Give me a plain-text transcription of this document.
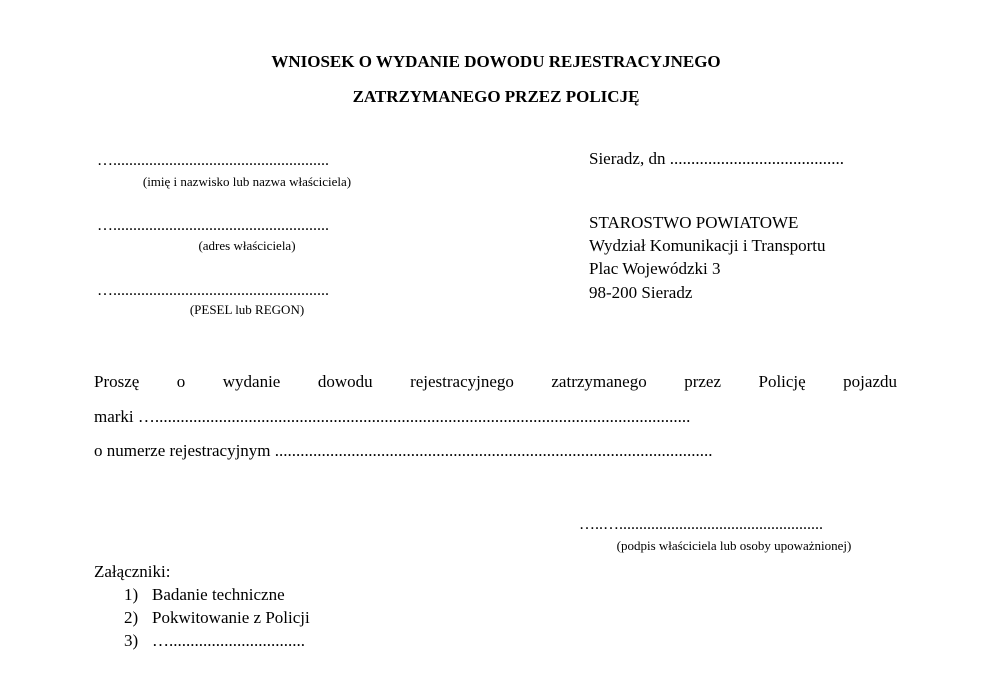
WNIOSEK O WYDANIE DOWODU REJESTRACYJNEGO
ZATRZYMANEGO PRZEZ POLICJĘ
…......................................................
(imię i nazwisko lub nazwa właściciela)
…......................................................
(adres właściciela)
…......................................................
(PESEL lub REGON)
Sieradz, dn .........................................
STAROSTWO POWIATOWE
Wydział Komunikacji i Transportu
Plac Wojewódzki 3
98-200 Sieradz
Proszę o wydanie dowodu rejestracyjnego zatrzymanego przez Policję pojazdu
marki …..............................................................................................................................
o numerze rejestracyjnym .......................................................................................................
…..…...................................................
(podpis właściciela lub osoby upoważnionej)
Załączniki:
1) Badanie techniczne
2) Pokwitowanie z Policji
3) …................................
